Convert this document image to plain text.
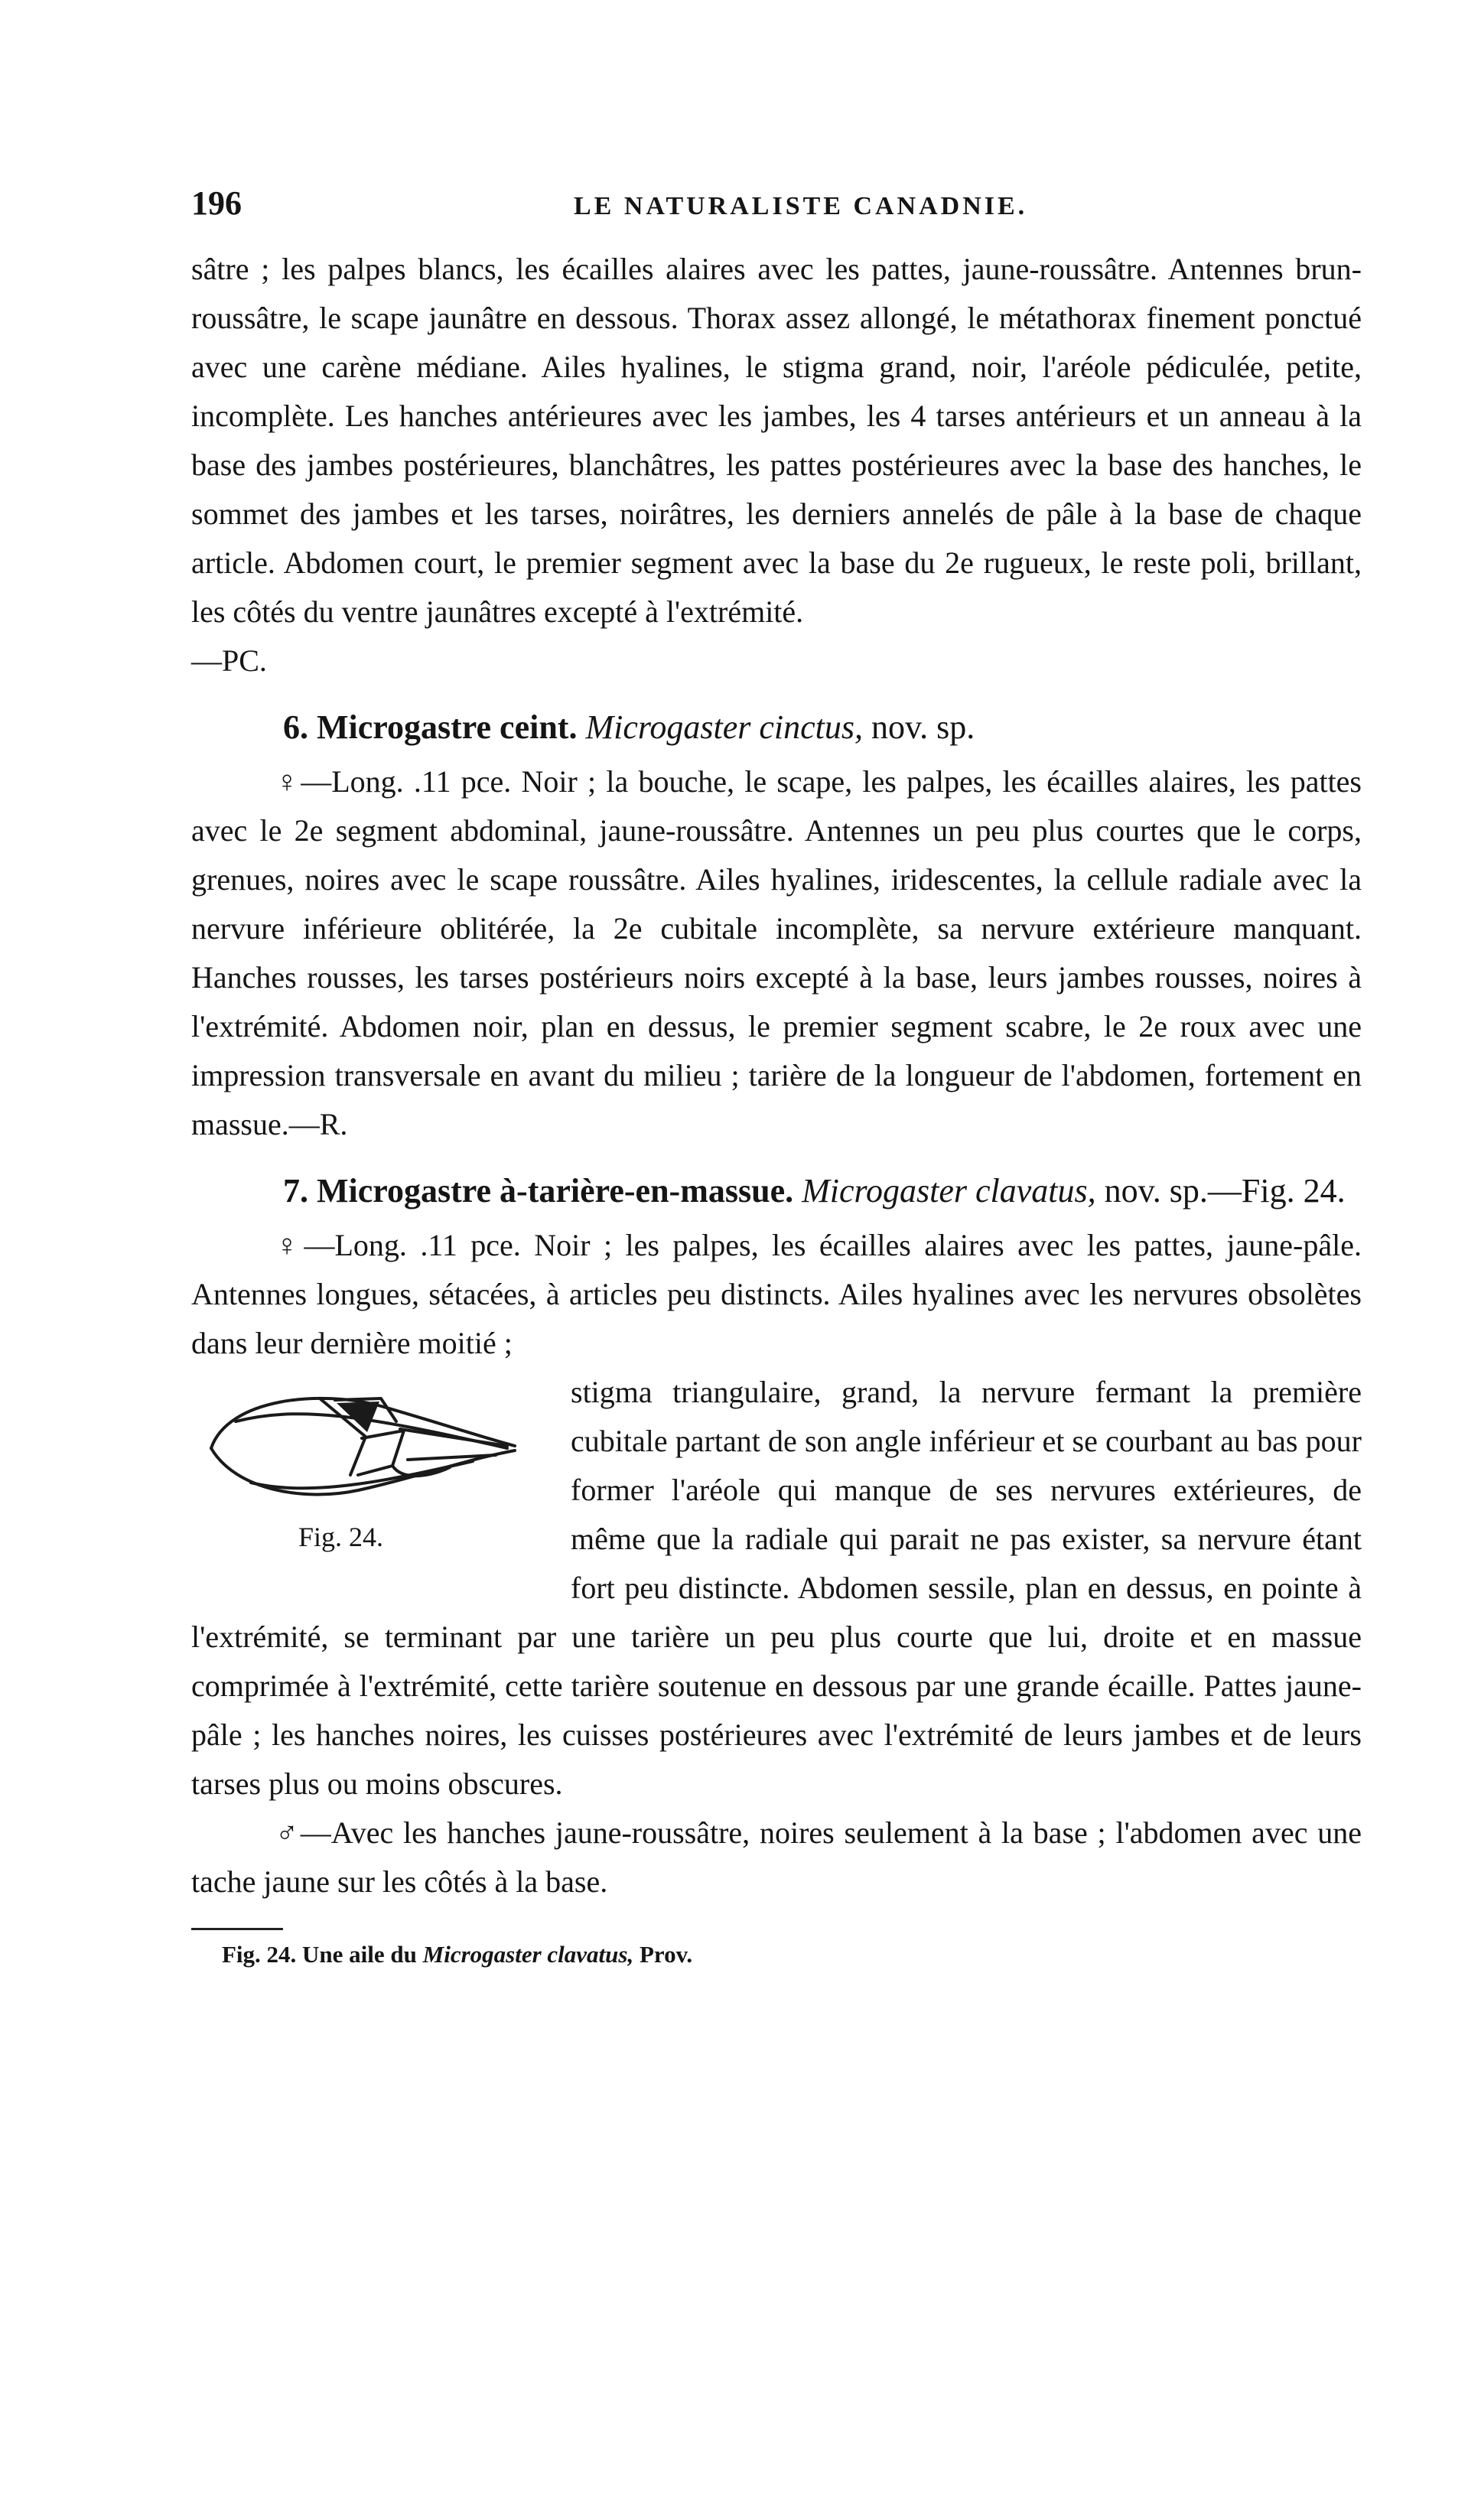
196	LE NATURALISTE CANADNIE.

sâtre ; les palpes blancs, les écailles alaires avec les pattes, jaune-roussâtre. Antennes brun-roussâtre, le scape jaunâtre en dessous. Thorax assez allongé, le métathorax finement ponctué avec une carène médiane. Ailes hyalines, le stigma grand, noir, l'aréole pédiculée, petite, incomplète. Les hanches antérieures avec les jambes, les 4 tarses antérieurs et un anneau à la base des jambes postérieures, blanchâtres, les pattes postérieures avec la base des hanches, le sommet des jambes et les tarses, noirâtres, les derniers annelés de pâle à la base de chaque article. Abdomen court, le premier segment avec la base du 2e rugueux, le reste poli, brillant, les côtés du ventre jaunâtres excepté à l'extrémité.
—PC.

6. Microgastre ceint. Microgaster cinctus, nov. sp.

♀—Long. .11 pce. Noir ; la bouche, le scape, les palpes, les écailles alaires, les pattes avec le 2e segment abdominal, jaune-roussâtre. Antennes un peu plus courtes que le corps, grenues, noires avec le scape roussâtre. Ailes hyalines, iridescentes, la cellule radiale avec la nervure inférieure oblitérée, la 2e cubitale incomplète, sa nervure extérieure manquant. Hanches rousses, les tarses postérieurs noirs excepté à la base, leurs jambes rousses, noires à l'extrémité. Abdomen noir, plan en dessus, le premier segment scabre, le 2e roux avec une impression transversale en avant du milieu ; tarière de la longueur de l'abdomen, fortement en massue.—R.

7. Microgastre à-tarière-en-massue. Microgaster clavatus, nov. sp.—Fig. 24.

♀—Long. .11 pce. Noir ; les palpes, les écailles alaires avec les pattes, jaune-pâle. Antennes longues, sétacées, à articles peu distincts. Ailes hyalines avec les nervures obsolètes dans leur dernière moitié ;

Fig. 24.

stigma triangulaire, grand, la nervure fermant la première cubitale partant de son angle inférieur et se courbant au bas pour former l'aréole qui manque de ses nervures extérieures, de même que la radiale qui parait ne pas exister, sa nervure étant fort peu distincte. Abdomen sessile, plan en dessus, en pointe à l'extrémité, se terminant par une tarière un peu plus courte que lui, droite et en massue comprimée à l'extrémité, cette tarière soutenue en dessous par une grande écaille. Pattes jaune-pâle ; les hanches noires, les cuisses postérieures avec l'extrémité de leurs jambes et de leurs tarses plus ou moins obscures.

♂—Avec les hanches jaune-roussâtre, noires seulement à la base ; l'abdomen avec une tache jaune sur les côtés à la base.

Fig. 24. Une aile du Microgaster clavatus, Prov.
